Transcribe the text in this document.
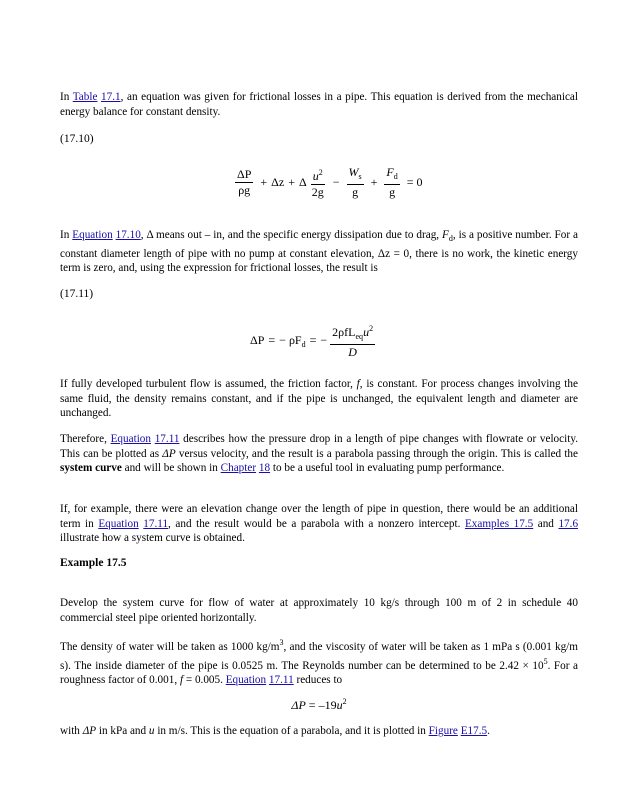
In Table 17.1, an equation was given for frictional losses in a pipe. This equation is derived from the mechanical energy balance for constant density.

(17.10)
$\frac{\Delta P}{\rho g} + \Delta z + \Delta \frac{u^2}{2g} - \frac{W_s}{g} + \frac{F_d}{g} = 0$

In Equation 17.10, Δ means out – in, and the specific energy dissipation due to drag, $F_d$, is a positive number. For a constant diameter length of pipe with no pump at constant elevation, Δz = 0, there is no work, the kinetic energy term is zero, and, using the expression for frictional losses, the result is

(17.11)
ΔP = − $\rho F_d$ = − $\frac{2\rho fL_{eq}u^2}{D}$

If fully developed turbulent flow is assumed, the friction factor, f, is constant. For process changes involving the same fluid, the density remains constant, and if the pipe is unchanged, the equivalent length and diameter are unchanged.

Therefore, Equation 17.11 describes how the pressure drop in a length of pipe changes with flowrate or velocity. This can be plotted as ΔP versus velocity, and the result is a parabola passing through the origin. This is called the system curve and will be shown in Chapter 18 to be a useful tool in evaluating pump performance.

If, for example, there were an elevation change over the length of pipe in question, there would be an additional term in Equation 17.11, and the result would be a parabola with a nonzero intercept. Examples 17.5 and 17.6 illustrate how a system curve is obtained.

Example 17.5

Develop the system curve for flow of water at approximately 10 kg/s through 100 m of 2 in schedule 40 commercial steel pipe oriented horizontally.

The density of water will be taken as 1000 $kg/m^3$, and the viscosity of water will be taken as 1 mPa s (0.001 kg/m s). The inside diameter of the pipe is 0.0525 m. The Reynolds number can be determined to be $2.42 \times 10^5$. For a roughness factor of 0.001, f = 0.005. Equation 17.11 reduces to

$\Delta P = -19u^2$

with ΔP in kPa and u in m/s. This is the equation of a parabola, and it is plotted in Figure E17.5.
